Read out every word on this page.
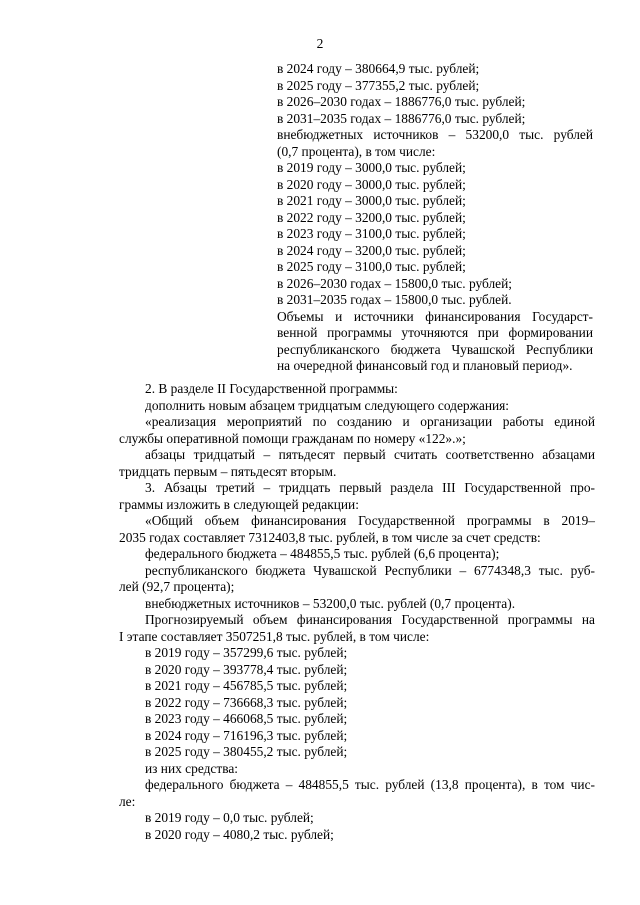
2
в 2024 году – 380664,9 тыс. рублей;
в 2025 году – 377355,2 тыс. рублей;
в 2026–2030 годах – 1886776,0 тыс. рублей;
в 2031–2035 годах – 1886776,0 тыс. рублей;
внебюджетных источников – 53200,0 тыс. рублей
(0,7 процента), в том числе:
в 2019 году – 3000,0 тыс. рублей;
в 2020 году – 3000,0 тыс. рублей;
в 2021 году – 3000,0 тыс. рублей;
в 2022 году – 3200,0 тыс. рублей;
в 2023 году – 3100,0 тыс. рублей;
в 2024 году – 3200,0 тыс. рублей;
в 2025 году – 3100,0 тыс. рублей;
в 2026–2030 годах – 15800,0 тыс. рублей;
в 2031–2035 годах – 15800,0 тыс. рублей.
Объемы и источники финансирования Государст-
венной программы уточняются при формировании
республиканского бюджета Чувашской Республики
на очередной финансовый год и плановый период».
2. В разделе II Государственной программы:
дополнить новым абзацем тридцатым следующего содержания:
«реализация мероприятий по созданию и организации работы единой
службы оперативной помощи гражданам по номеру «122».»;
абзацы тридцатый – пятьдесят первый считать соответственно абзацами
тридцать первым – пятьдесят вторым.
3. Абзацы третий – тридцать первый раздела III Государственной про-
граммы изложить в следующей редакции:
«Общий объем финансирования Государственной программы в 2019–
2035 годах составляет 7312403,8 тыс. рублей, в том числе за счет средств:
федерального бюджета – 484855,5 тыс. рублей (6,6 процента);
республиканского бюджета Чувашской Республики – 6774348,3 тыс. руб-
лей (92,7 процента);
внебюджетных источников – 53200,0 тыс. рублей (0,7 процента).
Прогнозируемый объем финансирования Государственной программы на
I этапе составляет 3507251,8 тыс. рублей, в том числе:
в 2019 году – 357299,6 тыс. рублей;
в 2020 году – 393778,4 тыс. рублей;
в 2021 году – 456785,5 тыс. рублей;
в 2022 году – 736668,3 тыс. рублей;
в 2023 году – 466068,5 тыс. рублей;
в 2024 году – 716196,3 тыс. рублей;
в 2025 году – 380455,2 тыс. рублей;
из них средства:
федерального бюджета – 484855,5 тыс. рублей (13,8 процента), в том чис-
ле:
в 2019 году – 0,0 тыс. рублей;
в 2020 году – 4080,2 тыс. рублей;
